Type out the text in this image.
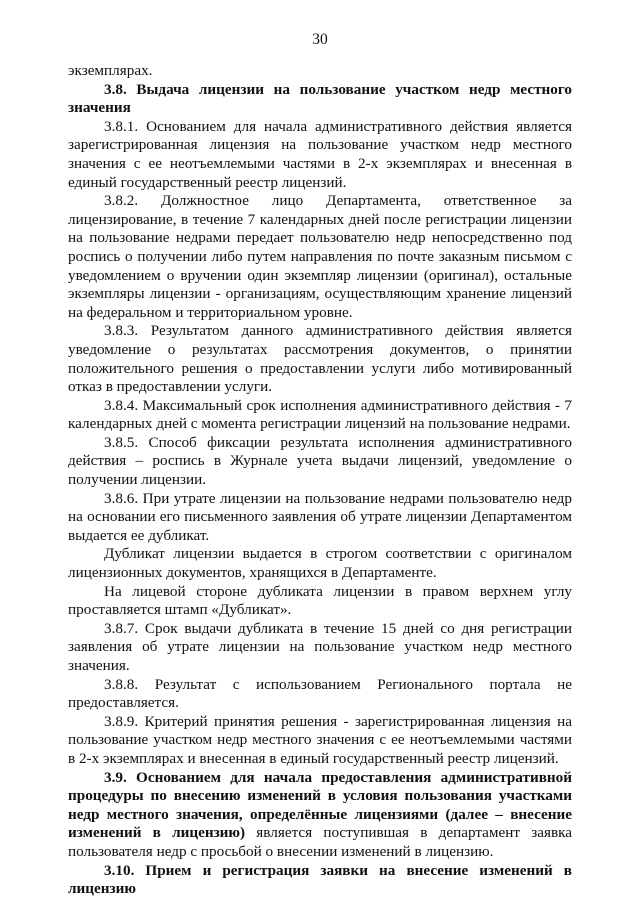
30

экземплярах.

3.8. Выдача лицензии на пользование участком недр местного значения

3.8.1. Основанием для начала административного действия является зарегистрированная лицензия на пользование участком недр местного значения с ее неотъемлемыми частями в 2-х экземплярах и внесенная в единый государственный реестр лицензий.

3.8.2. Должностное лицо Департамента, ответственное за лицензирование, в течение 7 календарных дней после регистрации лицензии на пользование недрами передает пользователю недр непосредственно под роспись о получении либо путем направления по почте заказным письмом с уведомлением о вручении один экземпляр лицензии (оригинал), остальные экземпляры лицензии - организациям, осуществляющим хранение лицензий на федеральном и территориальном уровне.

3.8.3. Результатом данного административного действия является уведомление о результатах рассмотрения документов, о принятии положительного решения о предоставлении услуги либо мотивированный отказ в предоставлении услуги.

3.8.4. Максимальный срок исполнения административного действия - 7 календарных дней с момента регистрации лицензий на пользование недрами.

3.8.5. Способ фиксации результата исполнения административного действия – роспись в Журнале учета выдачи лицензий, уведомление о получении лицензии.

3.8.6. При утрате лицензии на пользование недрами пользователю недр на основании его письменного заявления об утрате лицензии Департаментом выдается ее дубликат.

Дубликат лицензии выдается в строгом соответствии с оригиналом лицензионных документов, хранящихся в Департаменте.

На лицевой стороне дубликата лицензии в правом верхнем углу проставляется штамп «Дубликат».

3.8.7. Срок выдачи дубликата в течение 15 дней со дня регистрации заявления об утрате лицензии на пользование участком недр местного значения.

3.8.8. Результат с использованием Регионального портала не предоставляется.

3.8.9. Критерий принятия решения - зарегистрированная лицензия на пользование участком недр местного значения с ее неотъемлемыми частями в 2-х экземплярах и внесенная в единый государственный реестр лицензий.

3.9. Основанием для начала предоставления административной процедуры по внесению изменений в условия пользования участками недр местного значения, определённые лицензиями (далее – внесение изменений в лицензию) является поступившая в департамент заявка пользователя недр с просьбой о внесении изменений в лицензию.

3.10. Прием и регистрация заявки на внесение изменений в лицензию
